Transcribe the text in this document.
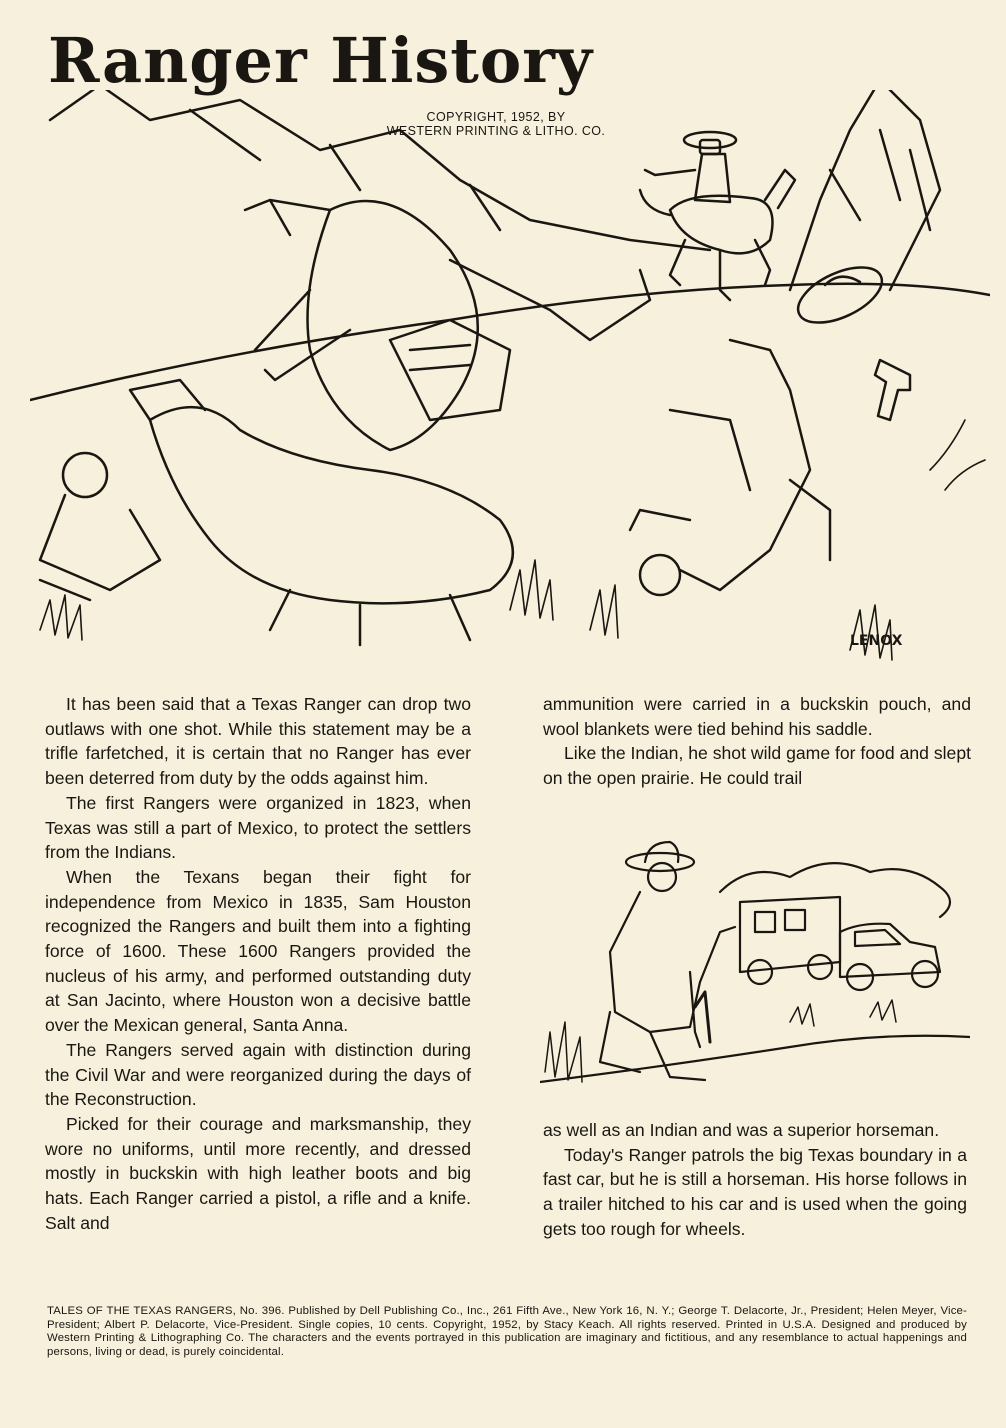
Ranger History
COPYRIGHT, 1952, BY
WESTERN PRINTING & LITHO. CO.
LENOX

It has been said that a Texas Ranger can drop two outlaws with one shot. While this statement may be a trifle farfetched, it is certain that no Ranger has ever been deterred from duty by the odds against him.

The first Rangers were organized in 1823, when Texas was still a part of Mexico, to protect the settlers from the Indians.

When the Texans began their fight for independence from Mexico in 1835, Sam Houston recognized the Rangers and built them into a fighting force of 1600. These 1600 Rangers provided the nucleus of his army, and performed outstanding duty at San Jacinto, where Houston won a decisive battle over the Mexican general, Santa Anna.

The Rangers served again with distinction during the Civil War and were reorganized during the days of the Reconstruction.

Picked for their courage and marksmanship, they wore no uniforms, until more recently, and dressed mostly in buckskin with high leather boots and big hats. Each Ranger carried a pistol, a rifle and a knife. Salt and

ammunition were carried in a buckskin pouch, and wool blankets were tied behind his saddle.

Like the Indian, he shot wild game for food and slept on the open prairie. He could trail

as well as an Indian and was a superior horseman.

Today's Ranger patrols the big Texas boundary in a fast car, but he is still a horseman. His horse follows in a trailer hitched to his car and is used when the going gets too rough for wheels.

TALES OF THE TEXAS RANGERS, No. 396. Published by Dell Publishing Co., Inc., 261 Fifth Ave., New York 16, N. Y.; George T. Delacorte, Jr., President; Helen Meyer, Vice-President; Albert P. Delacorte, Vice-President. Single copies, 10 cents. Copyright, 1952, by Stacy Keach. All rights reserved. Printed in U.S.A. Designed and produced by Western Printing & Lithographing Co. The characters and the events portrayed in this publication are imaginary and fictitious, and any resemblance to actual happenings and persons, living or dead, is purely coincidental.
